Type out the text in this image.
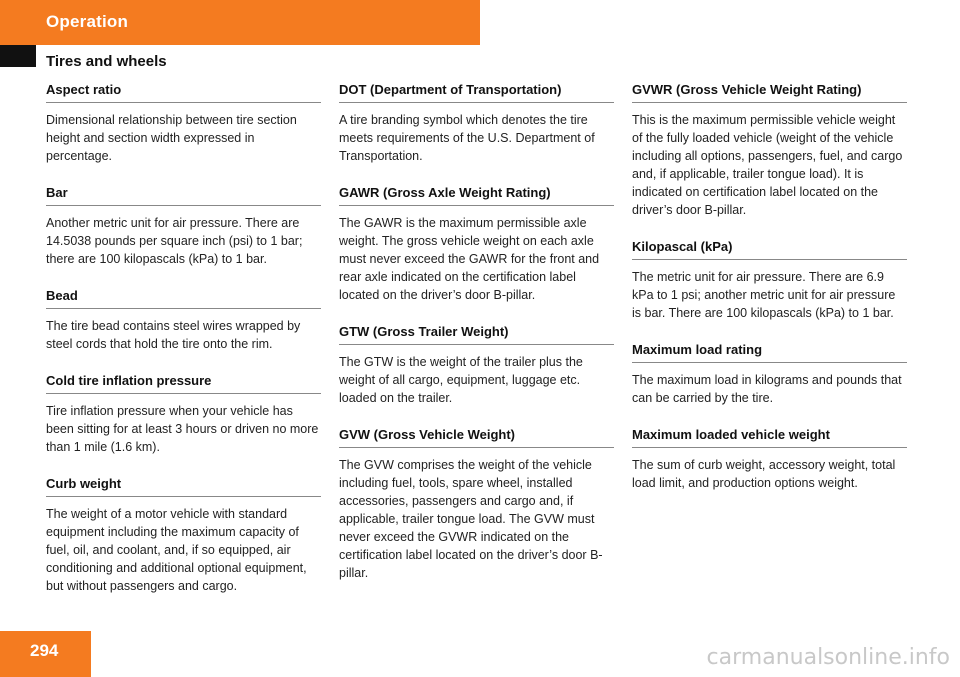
Operation
Tires and wheels
Aspect ratio
Dimensional relationship between tire section height and section width expressed in percentage.
Bar
Another metric unit for air pressure. There are 14.5038 pounds per square inch (psi) to 1 bar; there are 100 kilopascals (kPa) to 1 bar.
Bead
The tire bead contains steel wires wrapped by steel cords that hold the tire onto the rim.
Cold tire inflation pressure
Tire inflation pressure when your vehicle has been sitting for at least 3 hours or driven no more than 1 mile (1.6 km).
Curb weight
The weight of a motor vehicle with standard equipment including the maximum capacity of fuel, oil, and coolant, and, if so equipped, air conditioning and additional optional equipment, but without passengers and cargo.
DOT (Department of Transportation)
A tire branding symbol which denotes the tire meets requirements of the U.S. Department of Transportation.
GAWR (Gross Axle Weight Rating)
The GAWR is the maximum permissible axle weight. The gross vehicle weight on each axle must never exceed the GAWR for the front and rear axle indicated on the certification label located on the driver’s door B-pillar.
GTW (Gross Trailer Weight)
The GTW is the weight of the trailer plus the weight of all cargo, equipment, luggage etc. loaded on the trailer.
GVW (Gross Vehicle Weight)
The GVW comprises the weight of the vehicle including fuel, tools, spare wheel, installed accessories, passengers and cargo and, if applicable, trailer tongue load. The GVW must never exceed the GVWR indicated on the certification label located on the driver’s door B-pillar.
GVWR (Gross Vehicle Weight Rating)
This is the maximum permissible vehicle weight of the fully loaded vehicle (weight of the vehicle including all options, passengers, fuel, and cargo and, if applicable, trailer tongue load). It is indicated on certification label located on the driver’s door B-pillar.
Kilopascal (kPa)
The metric unit for air pressure. There are 6.9 kPa to 1 psi; another metric unit for air pressure is bar. There are 100 kilopascals (kPa) to 1 bar.
Maximum load rating
The maximum load in kilograms and pounds that can be carried by the tire.
Maximum loaded vehicle weight
The sum of curb weight, accessory weight, total load limit, and production options weight.
294	carmanualsonline.info
